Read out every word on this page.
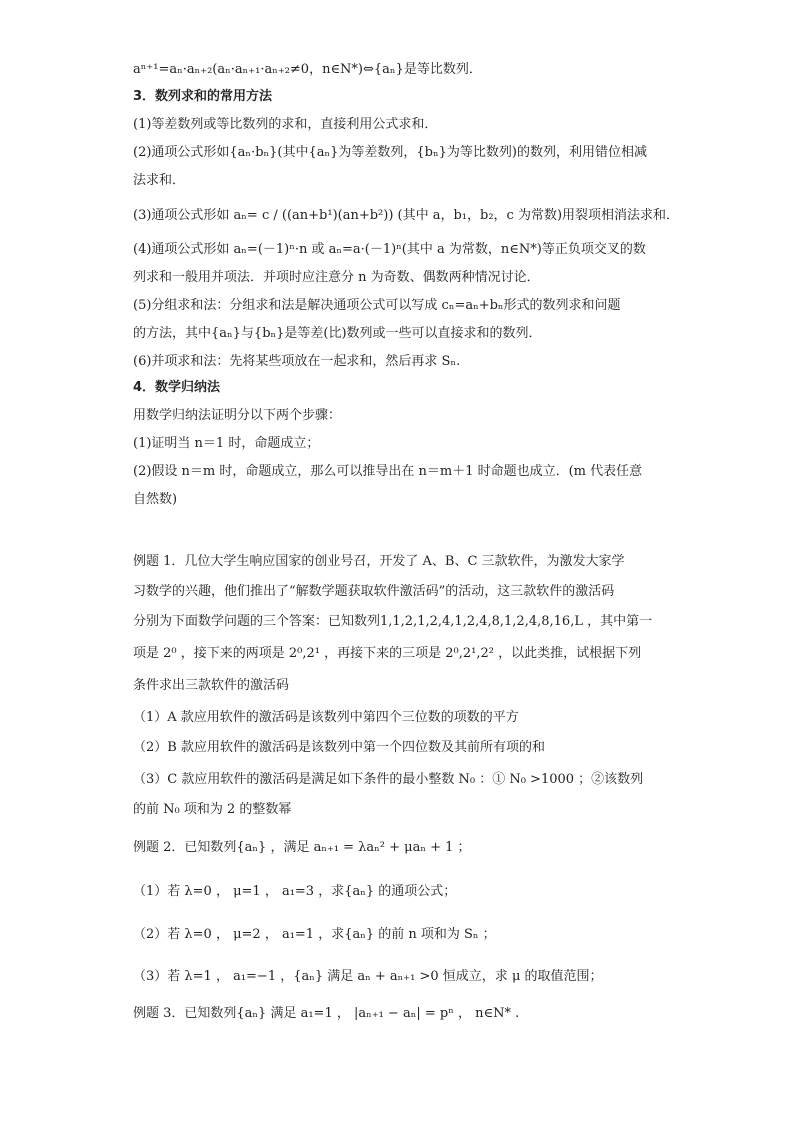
aⁿ⁺¹=aₙ·aₙ₊₂(aₙ·aₙ₊₁·aₙ₊₂≠0，n∈N*)⇔{aₙ}是等比数列．
3．数列求和的常用方法
(1)等差数列或等比数列的求和，直接利用公式求和．
(2)通项公式形如{aₙ·bₙ}(其中{aₙ}为等差数列，{bₙ}为等比数列)的数列，利用错位相减
法求和．
(3)通项公式形如 aₙ= c / ((an+b¹)(an+b²)) (其中 a，b₁，b₂，c 为常数)用裂项相消法求和．
(4)通项公式形如 aₙ=(－1)ⁿ·n 或 aₙ=a·(－1)ⁿ(其中 a 为常数，n∈N*)等正负项交叉的数
列求和一般用并项法．并项时应注意分 n 为奇数、偶数两种情况讨论．
(5)分组求和法：分组求和法是解决通项公式可以写成 cₙ=aₙ+bₙ形式的数列求和问题
的方法，其中{aₙ}与{bₙ}是等差(比)数列或一些可以直接求和的数列．
(6)并项求和法：先将某些项放在一起求和，然后再求 Sₙ.
4．数学归纳法
用数学归纳法证明分以下两个步骤：
(1)证明当 n＝1 时，命题成立；
(2)假设 n＝m 时，命题成立，那么可以推导出在 n＝m＋1 时命题也成立．(m 代表任意
自然数)
例题 1．几位大学生响应国家的创业号召，开发了 A、B、C 三款软件，为激发大家学
习数学的兴趣，他们推出了“解数学题获取软件激活码”的活动，这三款软件的激活码
分别为下面数学问题的三个答案：已知数列1,1,2,1,2,4,1,2,4,8,1,2,4,8,16,L ，其中第一
项是 2⁰ ，接下来的两项是 2⁰,2¹ ，再接下来的三项是 2⁰,2¹,2² ，以此类推，试根据下列
条件求出三款软件的激活码
（1）A 款应用软件的激活码是该数列中第四个三位数的项数的平方
（2）B 款应用软件的激活码是该数列中第一个四位数及其前所有项的和
（3）C 款应用软件的激活码是满足如下条件的最小整数 N₀ ：① N₀ >1000 ；②该数列
的前 N₀ 项和为 2 的整数幂
例题 2．已知数列{aₙ} ，满足 aₙ₊₁ = λaₙ² + μaₙ + 1 ；
（1）若 λ=0 ， μ=1 ， a₁=3 ，求{aₙ} 的通项公式；
（2）若 λ=0 ， μ=2 ， a₁=1 ，求{aₙ} 的前 n 项和为 Sₙ ；
（3）若 λ=1 ， a₁=−1 ，{aₙ} 满足 aₙ + aₙ₊₁ >0 恒成立，求 μ 的取值范围；
例题 3．已知数列{aₙ} 满足 a₁=1 ， |aₙ₊₁ − aₙ| = pⁿ ， n∈N* .
